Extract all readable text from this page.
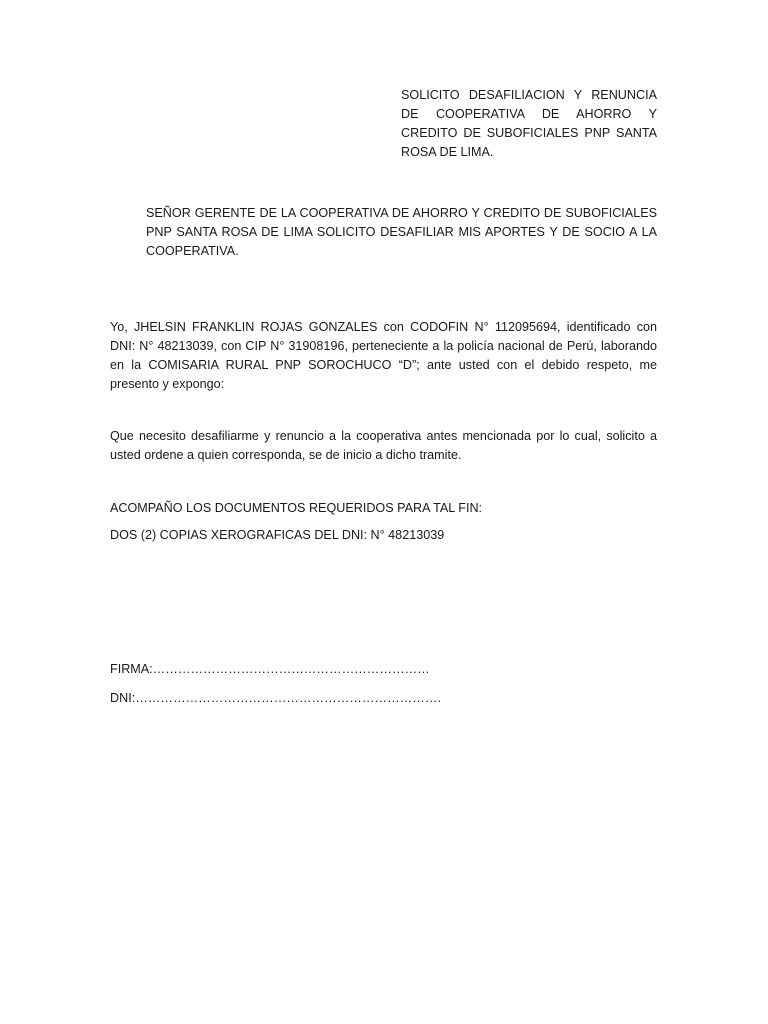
SOLICITO DESAFILIACION Y RENUNCIA DE COOPERATIVA DE AHORRO Y CREDITO DE SUBOFICIALES PNP SANTA ROSA DE LIMA.

SEÑOR GERENTE DE LA COOPERATIVA DE AHORRO Y CREDITO DE SUBOFICIALES PNP SANTA ROSA DE LIMA SOLICITO DESAFILIAR MIS APORTES Y DE SOCIO A LA COOPERATIVA.

Yo, JHELSIN FRANKLIN ROJAS GONZALES con CODOFIN N° 112095694, identificado con DNI: N° 48213039, con CIP N° 31908196, perteneciente a la policía nacional de Perú, laborando en la COMISARIA RURAL PNP SOROCHUCO “D”; ante usted con el debido respeto, me presento y expongo:

Que necesito desafiliarme y renuncio a la cooperativa antes mencionada por lo cual, solicito a usted ordene a quien corresponda, se de inicio a dicho tramite.

ACOMPAÑO LOS DOCUMENTOS REQUERIDOS PARA TAL FIN:

DOS (2) COPIAS XEROGRAFICAS DEL DNI: N° 48213039

FIRMA:…………………………………………………………

DNI:……………………………………………………………….
